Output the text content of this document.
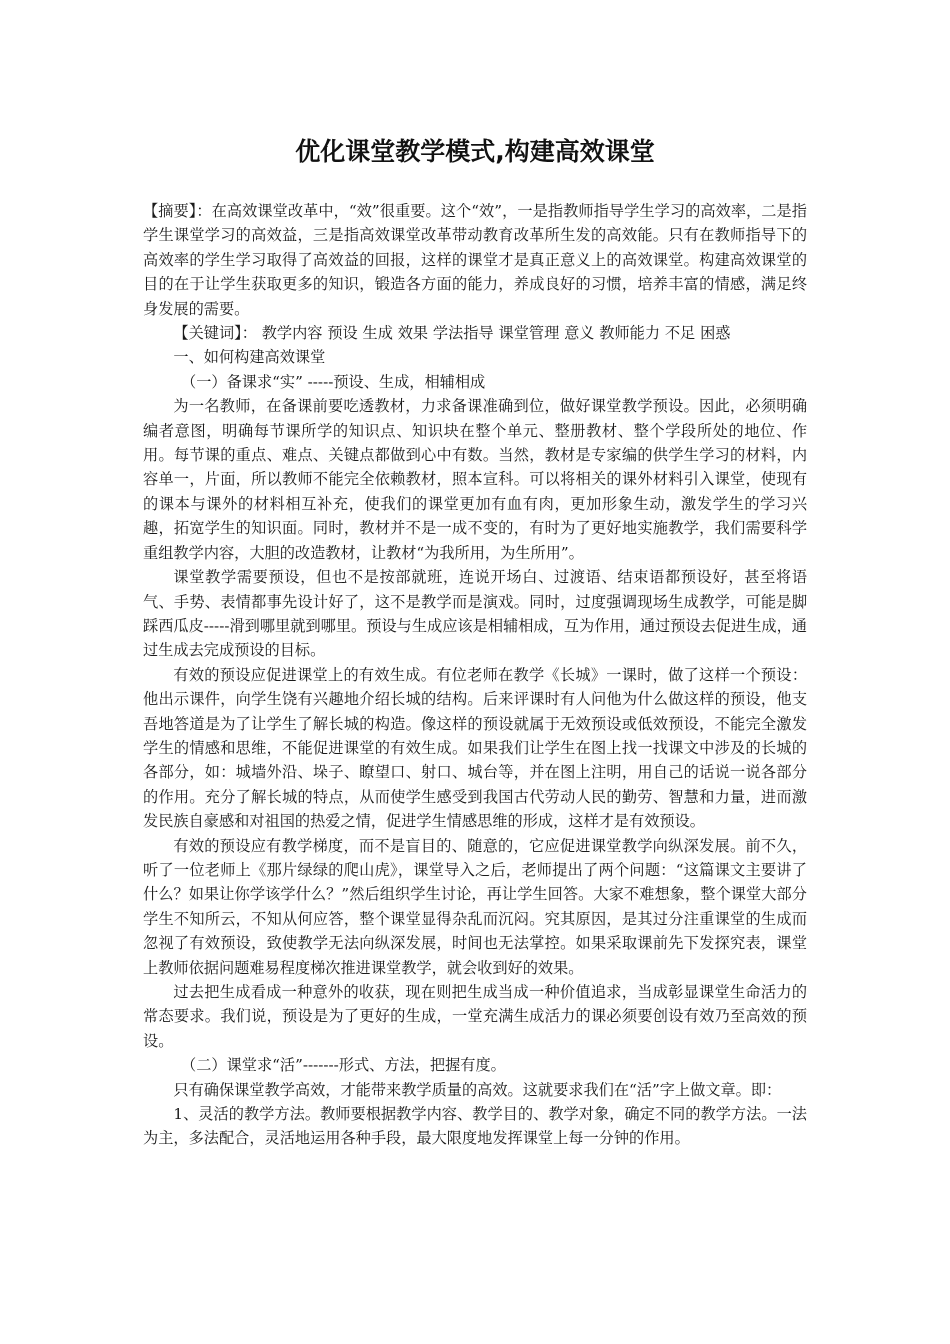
优化课堂教学模式,构建高效课堂

【摘要】：在高效课堂改革中，“效”很重要。这个“效”，一是指教师指导学生学习的高效率，二是指学生课堂学习的高效益，三是指高效课堂改革带动教育改革所生发的高效能。只有在教师指导下的高效率的学生学习取得了高效益的回报，这样的课堂才是真正意义上的高效课堂。构建高效课堂的目的在于让学生获取更多的知识，锻造各方面的能力，养成良好的习惯，培养丰富的情感，满足终身发展的需要。

【关键词】： 教学内容 预设 生成 效果 学法指导 课堂管理 意义 教师能力 不足 困惑

一、如何构建高效课堂

（一）备课求“实” -----预设、生成，相辅相成

为一名教师，在备课前要吃透教材，力求备课准确到位，做好课堂教学预设。因此，必须明确编者意图，明确每节课所学的知识点、知识块在整个单元、整册教材、整个学段所处的地位、作用。每节课的重点、难点、关键点都做到心中有数。当然，教材是专家编的供学生学习的材料，内容单一，片面，所以教师不能完全依赖教材，照本宣科。可以将相关的课外材料引入课堂，使现有的课本与课外的材料相互补充，使我们的课堂更加有血有肉，更加形象生动，激发学生的学习兴趣，拓宽学生的知识面。同时，教材并不是一成不变的，有时为了更好地实施教学，我们需要科学重组教学内容，大胆的改造教材，让教材“为我所用，为生所用”。

课堂教学需要预设，但也不是按部就班，连说开场白、过渡语、结束语都预设好，甚至将语气、手势、表情都事先设计好了，这不是教学而是演戏。同时，过度强调现场生成教学，可能是脚踩西瓜皮-----滑到哪里就到哪里。预设与生成应该是相辅相成，互为作用，通过预设去促进生成，通过生成去完成预设的目标。

有效的预设应促进课堂上的有效生成。有位老师在教学《长城》一课时，做了这样一个预设：他出示课件，向学生饶有兴趣地介绍长城的结构。后来评课时有人问他为什么做这样的预设，他支吾地答道是为了让学生了解长城的构造。像这样的预设就属于无效预设或低效预设，不能完全激发学生的情感和思维，不能促进课堂的有效生成。如果我们让学生在图上找一找课文中涉及的长城的各部分，如：城墙外沿、垛子、瞭望口、射口、城台等，并在图上注明，用自己的话说一说各部分的作用。充分了解长城的特点，从而使学生感受到我国古代劳动人民的勤劳、智慧和力量，进而激发民族自豪感和对祖国的热爱之情，促进学生情感思维的形成，这样才是有效预设。

有效的预设应有教学梯度，而不是盲目的、随意的，它应促进课堂教学向纵深发展。前不久，听了一位老师上《那片绿绿的爬山虎》，课堂导入之后，老师提出了两个问题：“这篇课文主要讲了什么？如果让你学该学什么？”然后组织学生讨论，再让学生回答。大家不难想象，整个课堂大部分学生不知所云，不知从何应答，整个课堂显得杂乱而沉闷。究其原因，是其过分注重课堂的生成而忽视了有效预设，致使教学无法向纵深发展，时间也无法掌控。如果采取课前先下发探究表，课堂上教师依据问题难易程度梯次推进课堂教学，就会收到好的效果。

过去把生成看成一种意外的收获，现在则把生成当成一种价值追求，当成彰显课堂生命活力的常态要求。我们说，预设是为了更好的生成，一堂充满生成活力的课必须要创设有效乃至高效的预设。

（二）课堂求“活”-------形式、方法，把握有度。

只有确保课堂教学高效，才能带来教学质量的高效。这就要求我们在“活”字上做文章。即：

1、灵活的教学方法。教师要根据教学内容、教学目的、教学对象，确定不同的教学方法。一法为主，多法配合，灵活地运用各种手段，最大限度地发挥课堂上每一分钟的作用。
